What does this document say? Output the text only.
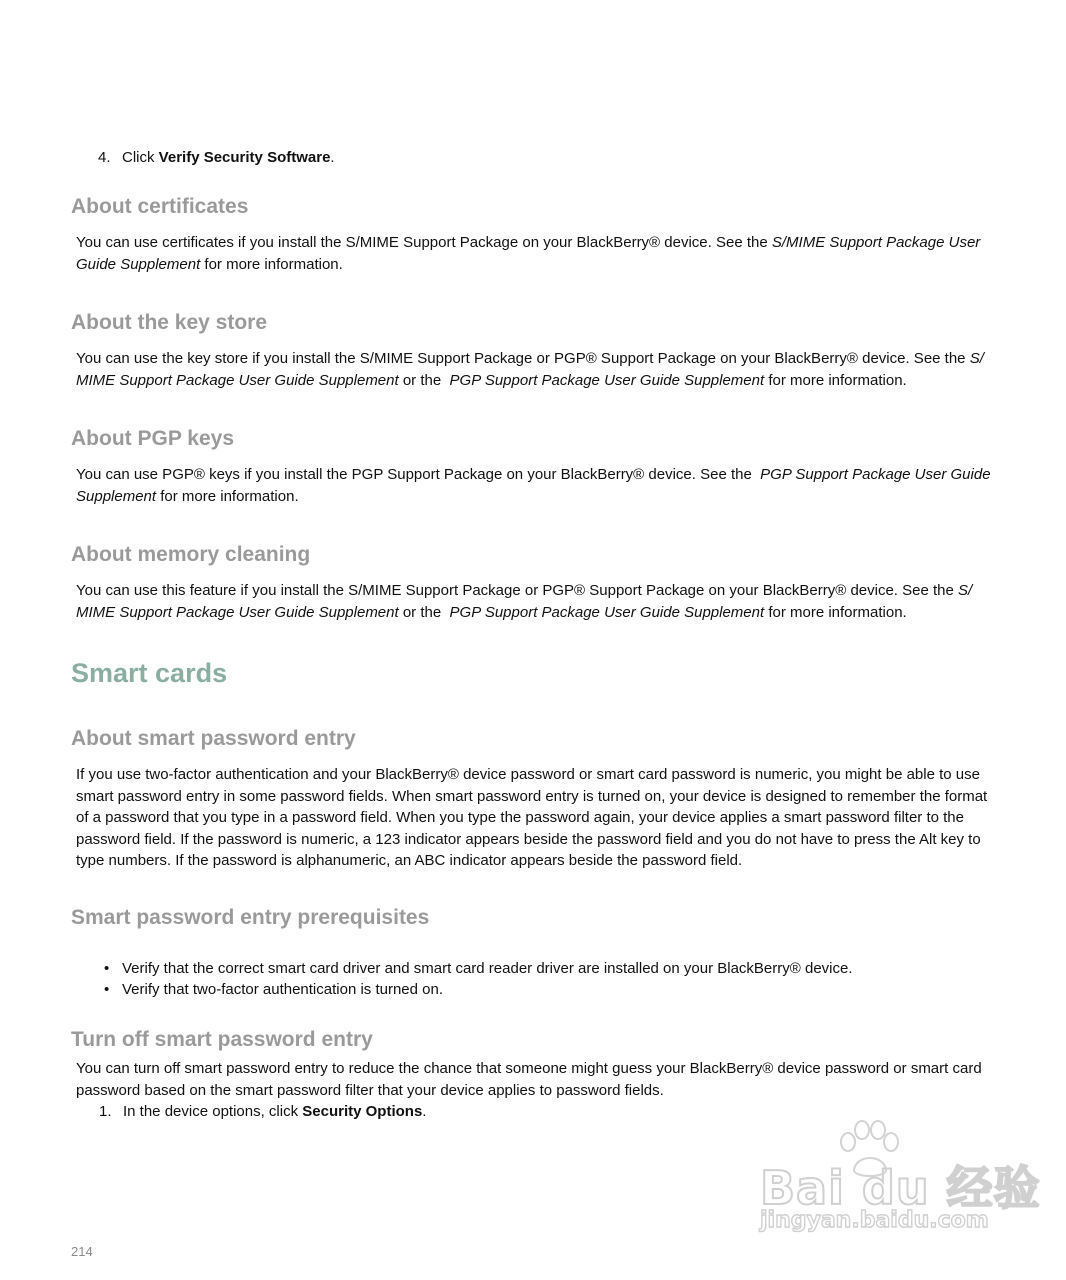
4. Click Verify Security Software.
About certificates
You can use certificates if you install the S/MIME Support Package on your BlackBerry® device. See the S/MIME Support Package User
Guide Supplement for more information.
About the key store
You can use the key store if you install the S/MIME Support Package or PGP® Support Package on your BlackBerry® device. See the S/
MIME Support Package User Guide Supplement or the  PGP Support Package User Guide Supplement for more information.
About PGP keys
You can use PGP® keys if you install the PGP Support Package on your BlackBerry® device. See the  PGP Support Package User Guide
Supplement for more information.
About memory cleaning
You can use this feature if you install the S/MIME Support Package or PGP® Support Package on your BlackBerry® device. See the S/
MIME Support Package User Guide Supplement or the  PGP Support Package User Guide Supplement for more information.
Smart cards
About smart password entry
If you use two-factor authentication and your BlackBerry® device password or smart card password is numeric, you might be able to use
smart password entry in some password fields. When smart password entry is turned on, your device is designed to remember the format
of a password that you type in a password field. When you type the password again, your device applies a smart password filter to the
password field. If the password is numeric, a 123 indicator appears beside the password field and you do not have to press the Alt key to
type numbers. If the password is alphanumeric, an ABC indicator appears beside the password field.
Smart password entry prerequisites
• Verify that the correct smart card driver and smart card reader driver are installed on your BlackBerry® device.
• Verify that two-factor authentication is turned on.
Turn off smart password entry
You can turn off smart password entry to reduce the chance that someone might guess your BlackBerry® device password or smart card
password based on the smart password filter that your device applies to password fields.
1. In the device options, click Security Options.
Bai du 经验
jingyan.baidu.com
214
